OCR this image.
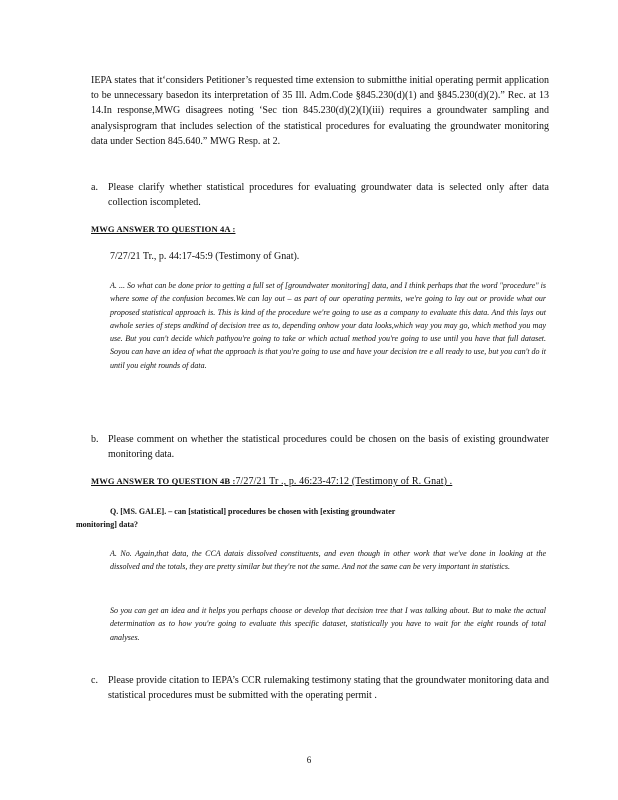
IEPA states that it‘considers Petitioner’s requested time extension to submitthe initial operating permit application to be unnecessary basedon its interpretation of 35 Ill. Adm.Code §845.230(d)(1) and §845.230(d)(2).” Rec. at 13 14.In response,MWG disagrees noting ‘Sec tion 845.230(d)(2)(I)(iii) requires a groundwater sampling and analysisprogram that includes selection of the statistical procedures for evaluating the groundwater monitoring data under Section 845.640.” MWG Resp. at 2.

a. Please clarify whether statistical procedures for evaluating groundwater data is selected only after data collection iscompleted.

MWG ANSWER TO QUESTION 4A :
7/27/21 Tr., p. 44:17-45:9 (Testimony of Gnat).

A. ... So what can be done prior to getting a full set of [groundwater monitoring] data, and I think perhaps that the word "procedure" is where some of the confusion becomes.We can lay out – as part of our operating permits, we're going to lay out or provide what our proposed statistical approach is. This is kind of the procedure we're going to use as a company to evaluate this data. And this lays out awhole series of steps andkind of decision tree as to, depending onhow your data looks,which way you may go, which method you may use. But you can't decide which pathyou're going to take or which actual method you're going to use until you have that full dataset. Soyou can have an idea of what the approach is that you're going to use and have your decision tre e all ready to use, but you can't do it until you eight rounds of data.

b. Please comment on whether the statistical procedures could be chosen on the basis of existing groundwater monitoring data.

MWG ANSWER TO QUESTION 4B :7/27/21 Tr ., p. 46:23-47:12 (Testimony of R. Gnat) .

Q. [MS. GALE]. – can [statistical] procedures be chosen with [existing groundwater

monitoring] data?

A. No. Again,that data, the CCA datais dissolved constituents, and even though in other work that we've done in looking at the dissolved and the totals, they are pretty similar but they're not the same. And not the same can be very important in statistics.

So you can get an idea and it helps you perhaps choose or develop that decision tree that I was talking about. But to make the actual determination as to how you're going to evaluate this specific dataset, statistically you have to wait for the eight rounds of total analyses.

c. Please provide citation to IEPA’s CCR rulemaking testimony stating that the groundwater monitoring data and statistical procedures must be submitted with the operating permit .

6
